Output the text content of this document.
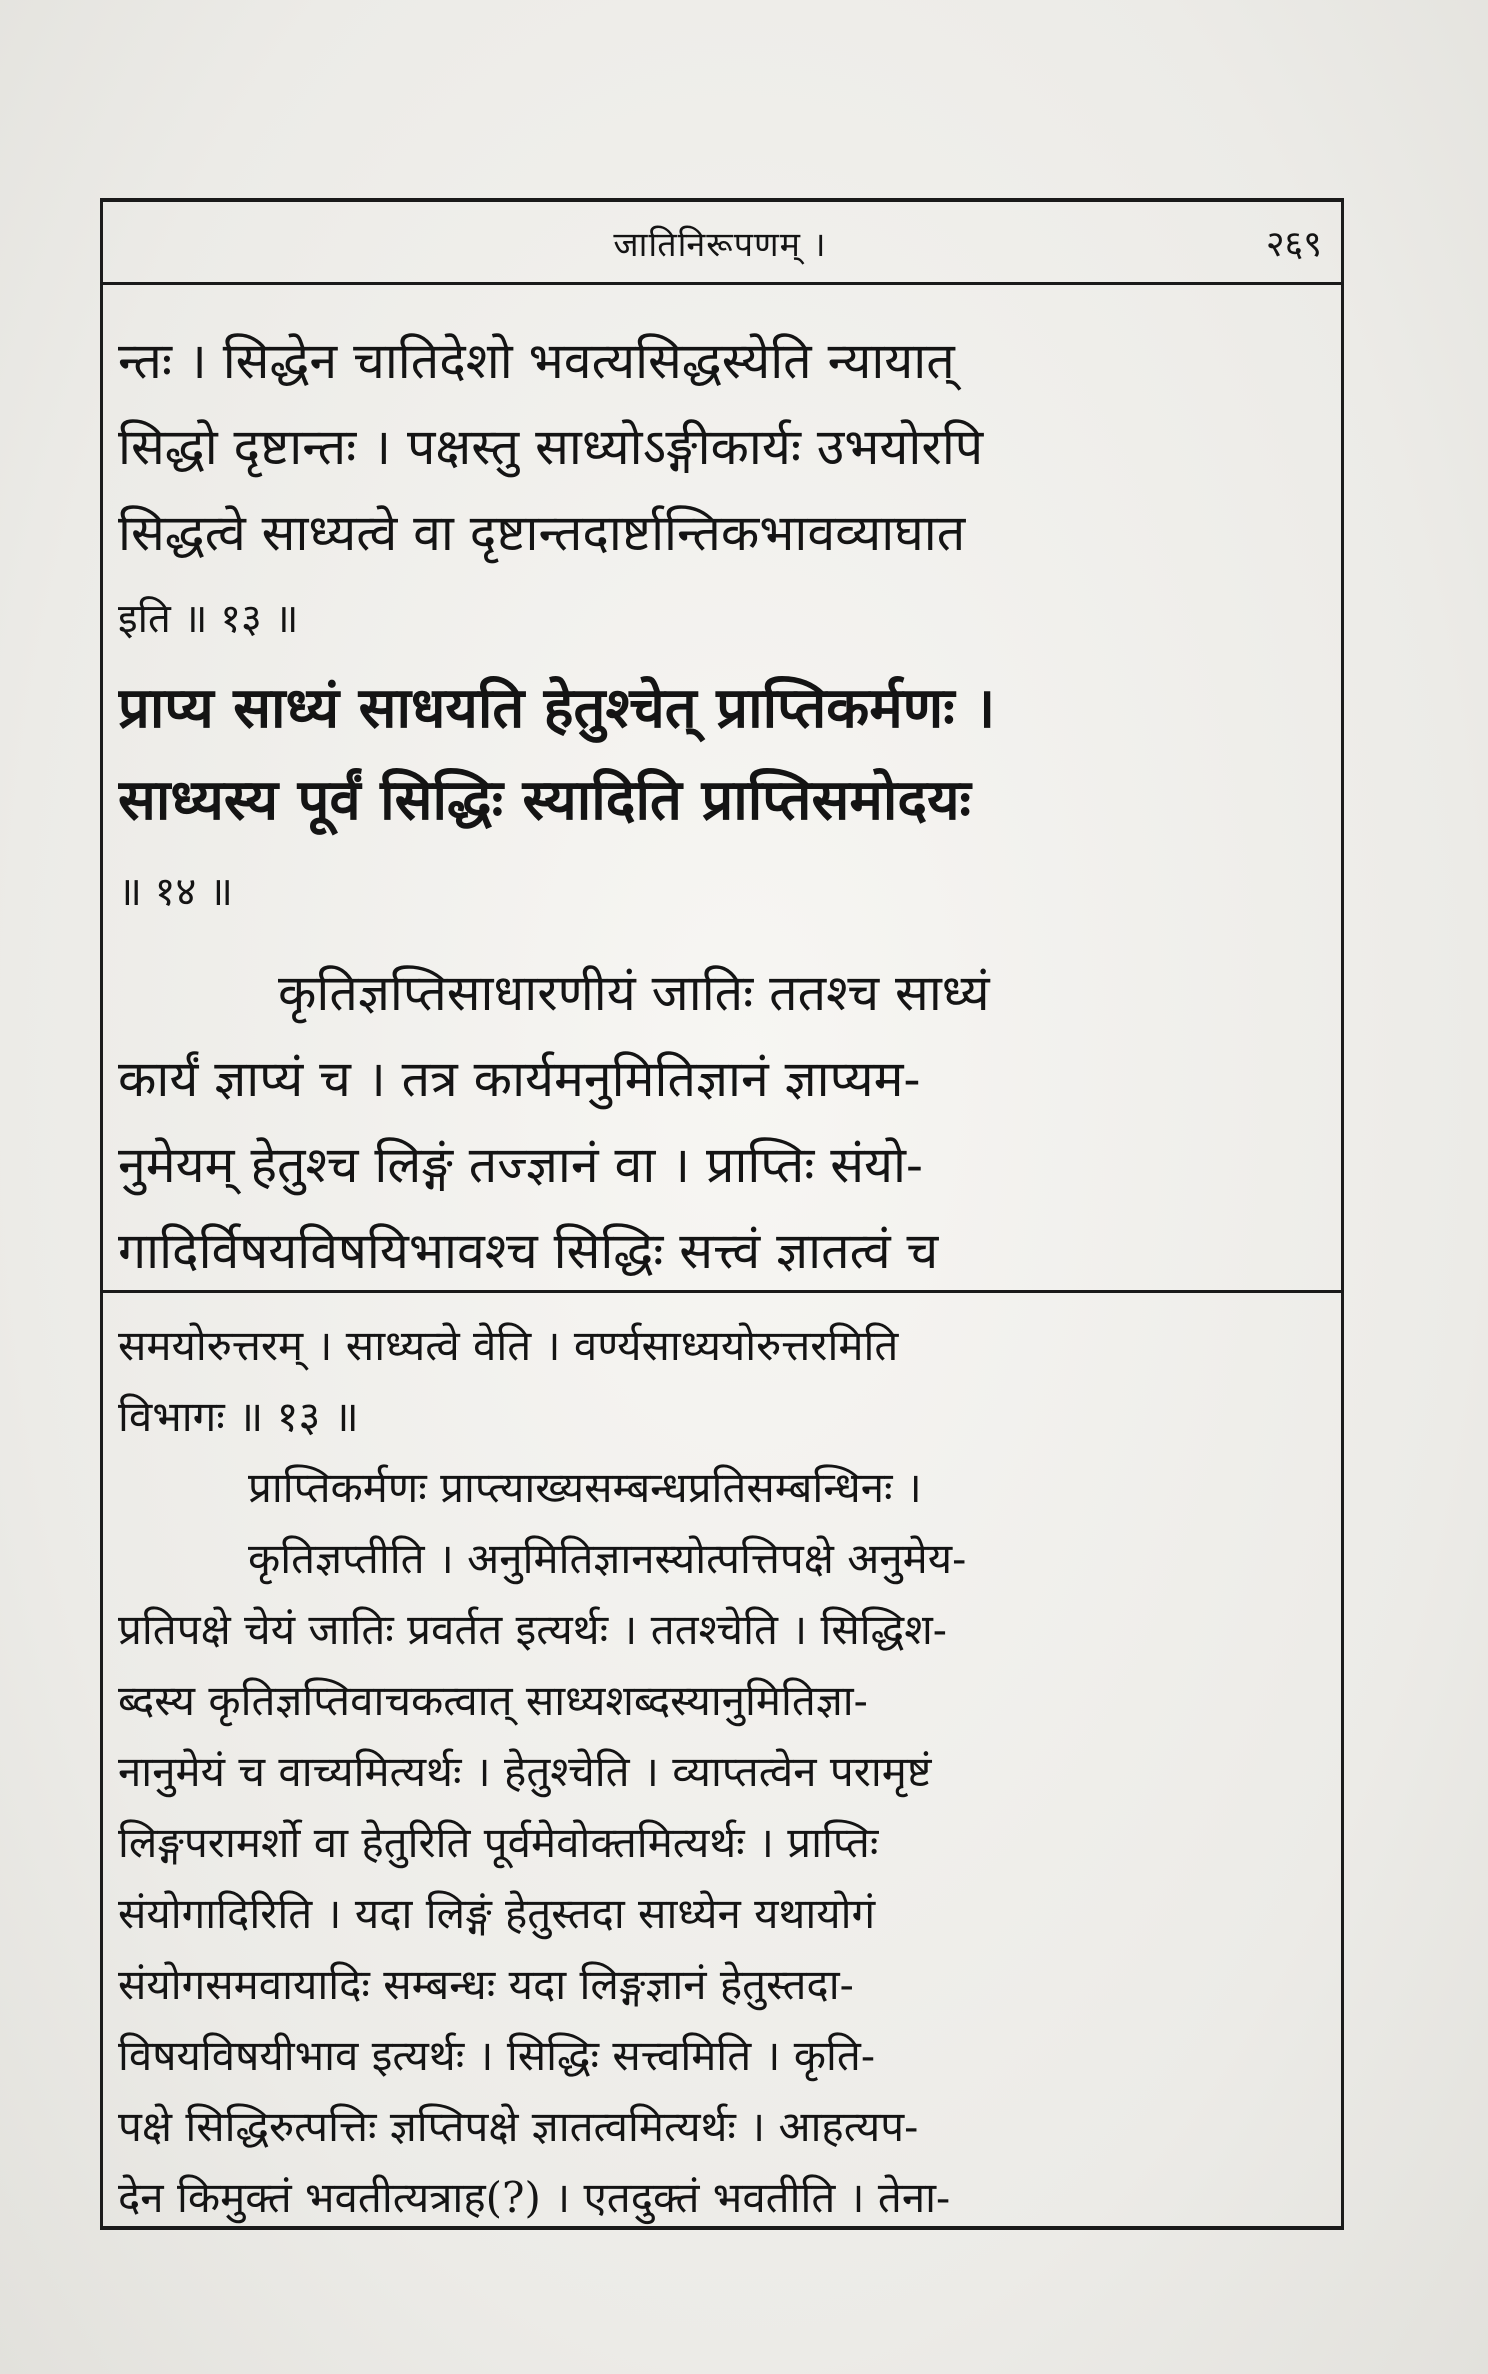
जातिनिरूपणम् ।	२६९
न्तः । सिद्धेन चातिदेशो भवत्यसिद्धस्येति न्यायात्
सिद्धो दृष्टान्तः । पक्षस्तु साध्योऽङ्गीकार्यः उभयोरपि
सिद्धत्वे साध्यत्वे वा दृष्टान्तदार्ष्टान्तिकभावव्याघात
इति ॥ १३ ॥
प्राप्य साध्यं साधयति हेतुश्चेत् प्राप्तिकर्मणः ।
साध्यस्य पूर्वं सिद्धिः स्यादिति प्राप्तिसमोदयः
॥ १४ ॥
कृतिज्ञप्तिसाधारणीयं जातिः ततश्च साध्यं
कार्यं ज्ञाप्यं च । तत्र कार्यमनुमितिज्ञानं ज्ञाप्यम-
नुमेयम् हेतुश्च लिङ्गं तज्ज्ञानं वा । प्राप्तिः संयो-
गादिर्विषयविषयिभावश्च सिद्धिः सत्त्वं ज्ञातत्वं च
समयोरुत्तरम् । साध्यत्वे वेति । वर्ण्यसाध्ययोरुत्तरमिति
विभागः ॥ १३ ॥
प्राप्तिकर्मणः प्राप्त्याख्यसम्बन्धप्रतिसम्बन्धिनः ।
कृतिज्ञप्तीति । अनुमितिज्ञानस्योत्पत्तिपक्षे अनुमेय-
प्रतिपक्षे चेयं जातिः प्रवर्तत इत्यर्थः । ततश्चेति । सिद्धिश-
ब्दस्य कृतिज्ञप्तिवाचकत्वात् साध्यशब्दस्यानुमितिज्ञा-
नानुमेयं च वाच्यमित्यर्थः । हेतुश्चेति । व्याप्तत्वेन परामृष्टं
लिङ्गपरामर्शो वा हेतुरिति पूर्वमेवोक्तमित्यर्थः । प्राप्तिः
संयोगादिरिति । यदा लिङ्गं हेतुस्तदा साध्येन यथायोगं
संयोगसमवायादिः सम्बन्धः यदा लिङ्गज्ञानं हेतुस्तदा-
विषयविषयीभाव इत्यर्थः । सिद्धिः सत्त्वमिति । कृति-
पक्षे सिद्धिरुत्पत्तिः ज्ञप्तिपक्षे ज्ञातत्वमित्यर्थः । आहत्यप-
देन किमुक्तं भवतीत्यत्राह(?) । एतदुक्तं भवतीति । तेना-
